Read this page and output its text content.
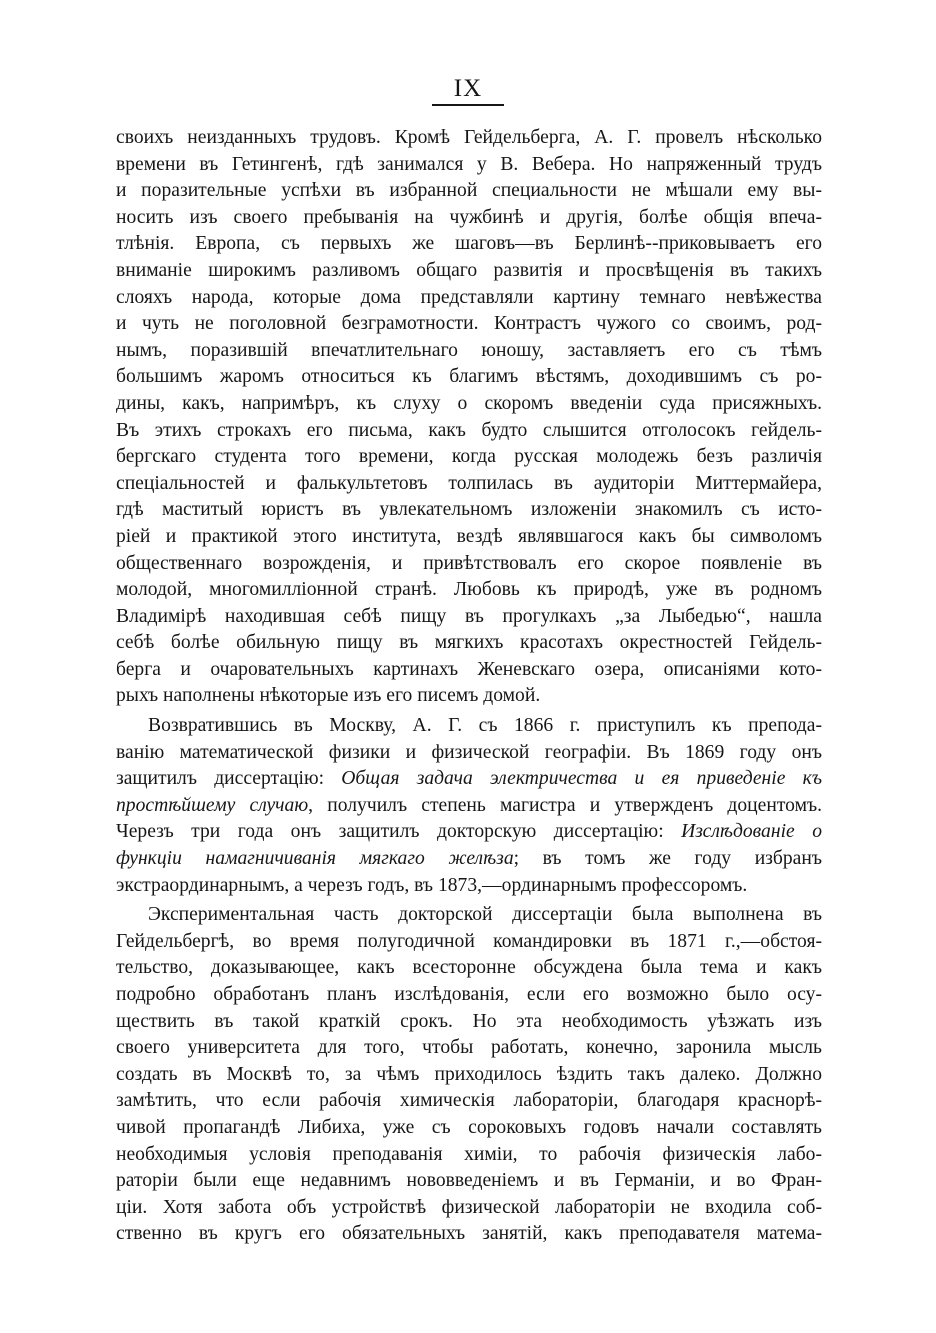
IX
своихъ неизданныхъ трудовъ. Кромѣ Гейдельберга, А. Г. провелъ нѣсколько
времени въ Гетингенѣ, гдѣ занимался у В. Вебера. Но напряженный трудъ
и поразительные успѣхи въ избранной специальности не мѣшали ему вы-
носить изъ своего пребыванія на чужбинѣ и другія, болѣе общія впеча-
тлѣнія. Европа, съ первыхъ же шаговъ—въ Берлинѣ--приковываетъ его
вниманіе широкимъ разливомъ общаго развитія и просвѣщенія въ такихъ
слояхъ народа, которые дома представляли картину темнаго невѣжества
и чуть не поголовной безграмотности. Контрастъ чужого со своимъ, род-
нымъ, поразившій впечатлительнаго юношу, заставляетъ его съ тѣмъ
большимъ жаромъ относиться къ благимъ вѣстямъ, доходившимъ съ ро-
дины, какъ, напримѣръ, къ слуху о скоромъ введеніи суда присяжныхъ.
Въ этихъ строкахъ его письма, какъ будто слышится отголосокъ гейдель-
бергскаго студента того времени, когда русская молодежь безъ различія
спеціальностей и фалькультетовъ толпилась въ аудиторіи Миттермайера,
гдѣ маститый юристъ въ увлекательномъ изложеніи знакомилъ съ исто-
ріей и практикой этого института, вездѣ являвшагося какъ бы символомъ
общественнаго возрожденія, и привѣтствовалъ его скорое появленіе въ
молодой, многомилліонной странѣ. Любовь къ природѣ, уже въ родномъ
Владимірѣ находившая себѣ пищу въ прогулкахъ „за Лыбедью“, нашла
себѣ болѣе обильную пищу въ мягкихъ красотахъ окрестностей Гейдель-
берга и очаровательныхъ картинахъ Женевскаго озера, описаніями кото-
рыхъ наполнены нѣкоторые изъ его писемъ домой.
Возвратившись въ Москву, А. Г. съ 1866 г. приступилъ къ препода-
ванію математической физики и физической географіи. Въ 1869 году онъ
защитилъ диссертацію: Общая задача электричества и ея приведеніе къ
простѣйшему случаю, получилъ степень магистра и утвержденъ доцентомъ.
Черезъ три года онъ защитилъ докторскую диссертацію: Изслѣдованіе о
функціи намагничиванія мягкаго желѣза; въ томъ же году избранъ
экстраординарнымъ, а черезъ годъ, въ 1873,—ординарнымъ профессоромъ.
Экспериментальная часть докторской диссертаціи была выполнена въ
Гейдельбергѣ, во время полугодичной командировки въ 1871 г.,—обстоя-
тельство, доказывающее, какъ всесторонне обсуждена была тема и какъ
подробно обработанъ планъ изслѣдованія, если его возможно было осу-
ществить въ такой краткій срокъ. Но эта необходимость уѣзжать изъ
своего университета для того, чтобы работать, конечно, заронила мысль
создать въ Москвѣ то, за чѣмъ приходилось ѣздить такъ далеко. Должно
замѣтить, что если рабочія химическія лабораторіи, благодаря краснорѣ-
чивой пропагандѣ Либиха, уже съ сороковыхъ годовъ начали составлять
необходимыя условія преподаванія химіи, то рабочія физическія лабо-
раторіи были еще недавнимъ нововведеніемъ и въ Германіи, и во Фран-
ціи. Хотя забота объ устройствѣ физической лабораторіи не входила соб-
ственно въ кругъ его обязательныхъ занятій, какъ преподавателя матема-
